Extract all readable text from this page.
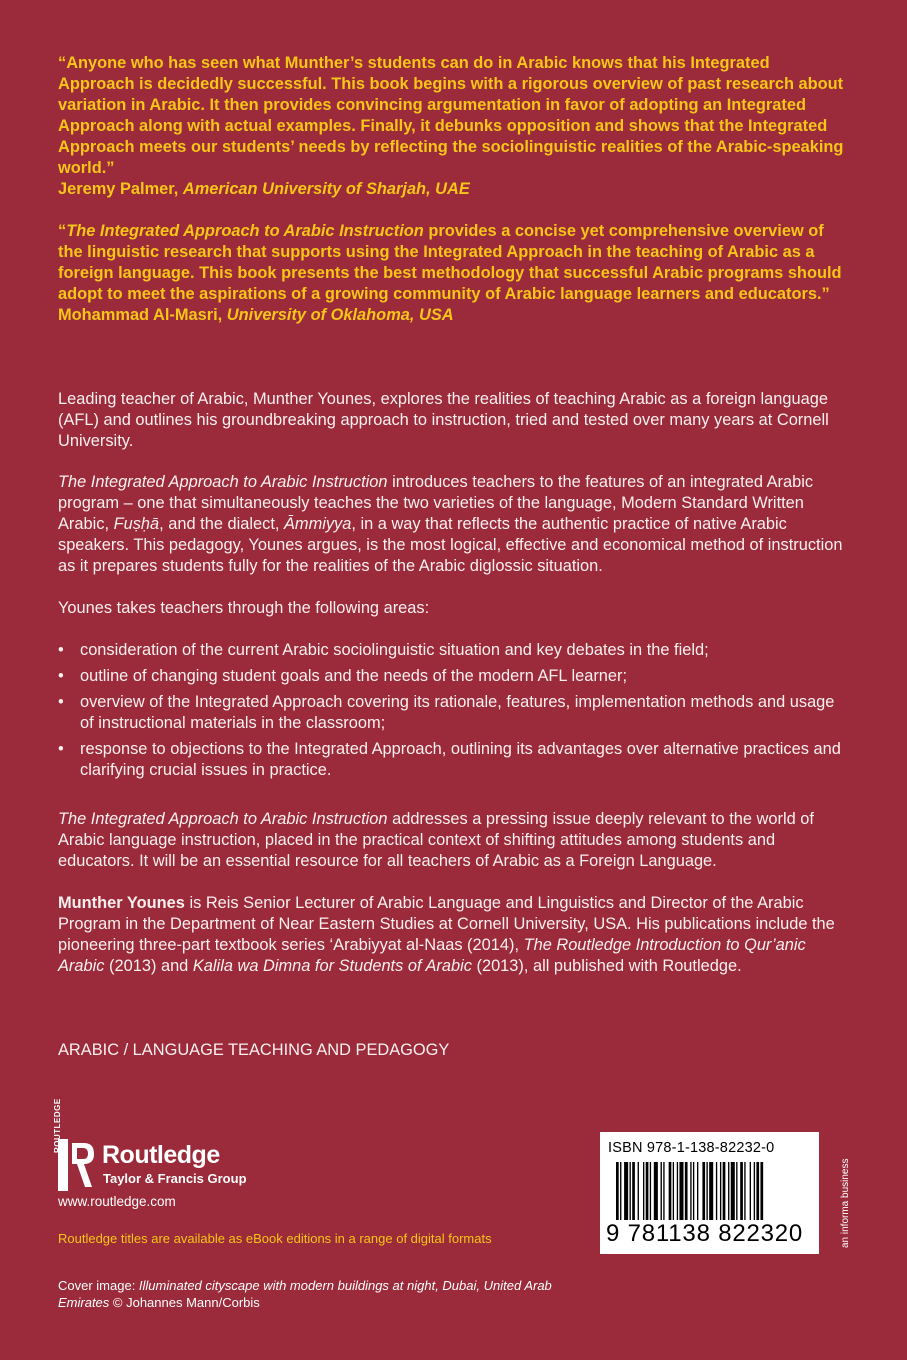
“Anyone who has seen what Munther’s students can do in Arabic knows that his Integrated Approach is decidedly successful. This book begins with a rigorous overview of past research about variation in Arabic. It then provides convincing argumentation in favor of adopting an Integrated Approach along with actual examples. Finally, it debunks opposition and shows that the Integrated Approach meets our students’ needs by reflecting the sociolinguistic realities of the Arabic-speaking world.”

Jeremy Palmer, American University of Sharjah, UAE

“The Integrated Approach to Arabic Instruction provides a concise yet comprehensive overview of the linguistic research that supports using the Integrated Approach in the teaching of Arabic as a foreign language. This book presents the best methodology that successful Arabic programs should adopt to meet the aspirations of a growing community of Arabic language learners and educators.”

Mohammad Al-Masri, University of Oklahoma, USA

Leading teacher of Arabic, Munther Younes, explores the realities of teaching Arabic as a foreign language (AFL) and outlines his groundbreaking approach to instruction, tried and tested over many years at Cornell University.

The Integrated Approach to Arabic Instruction introduces teachers to the features of an integrated Arabic program – one that simultaneously teaches the two varieties of the language, Modern Standard Written Arabic, Fuṣḥā, and the dialect, Āmmiyya, in a way that reflects the authentic practice of native Arabic speakers. This pedagogy, Younes argues, is the most logical, effective and economical method of instruction as it prepares students fully for the realities of the Arabic diglossic situation.

Younes takes teachers through the following areas:

• consideration of the current Arabic sociolinguistic situation and key debates in the field;
• outline of changing student goals and the needs of the modern AFL learner;
• overview of the Integrated Approach covering its rationale, features, implementation methods and usage of instructional materials in the classroom;
• response to objections to the Integrated Approach, outlining its advantages over alternative practices and clarifying crucial issues in practice.

The Integrated Approach to Arabic Instruction addresses a pressing issue deeply relevant to the world of Arabic language instruction, placed in the practical context of shifting attitudes among students and educators. It will be an essential resource for all teachers of Arabic as a Foreign Language.

Munther Younes is Reis Senior Lecturer of Arabic Language and Linguistics and Director of the Arabic Program in the Department of Near Eastern Studies at Cornell University, USA. His publications include the pioneering three-part textbook series ‘Arabiyyat al-Naas (2014), The Routledge Introduction to Qur’anic Arabic (2013) and Kalila wa Dimna for Students of Arabic (2013), all published with Routledge.

ARABIC / LANGUAGE TEACHING AND PEDAGOGY
ROUTLEDGE
Routledge
Taylor & Francis Group
www.routledge.com
Routledge titles are available as eBook editions in a range of digital formats
Cover image: Illuminated cityscape with modern buildings at night, Dubai, United Arab Emirates © Johannes Mann/Corbis
ISBN 978-1-138-82232-0
9 781138 822320	an informa business
